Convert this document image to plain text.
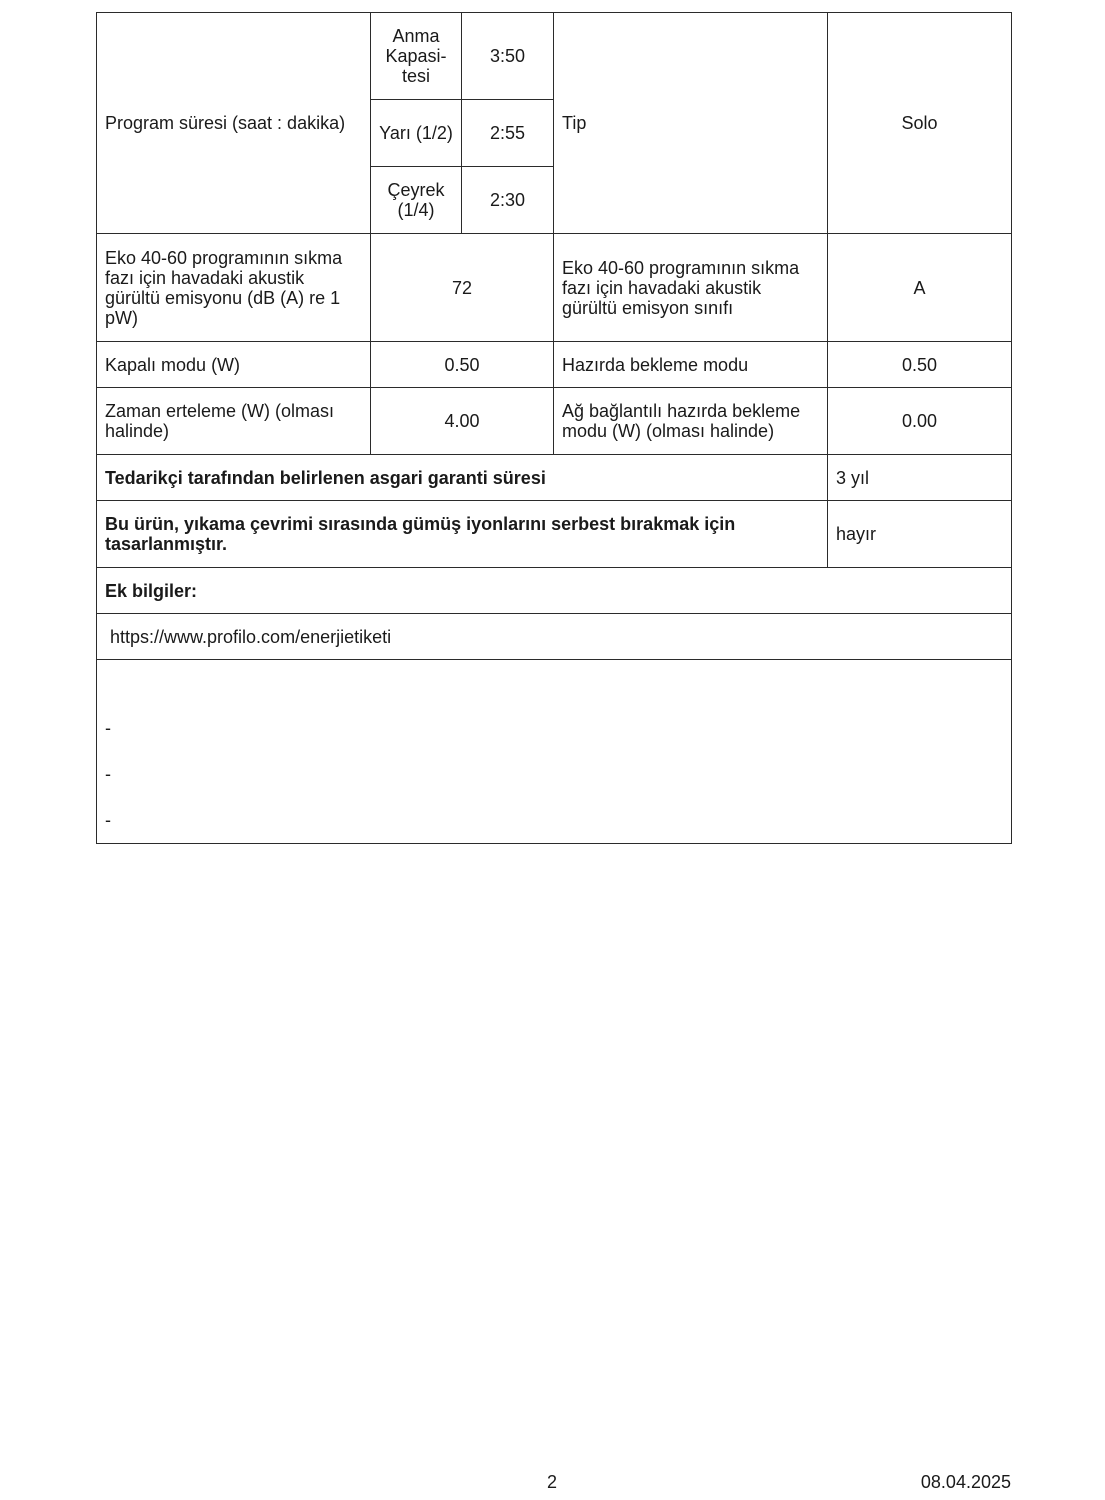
Program süresi (saat : dakika)	Anma Kapasi-tesi	3:50	Tip	Solo
	Yarı (1/2)	2:55		
	Çeyrek (1/4)	2:30		
Eko 40-60 programının sıkma fazı için havadaki akustik gürültü emisyonu (dB (A) re 1 pW)	72		Eko 40-60 programının sıkma fazı için havadaki akustik gürültü emisyon sınıfı	A
Kapalı modu (W)	0.50		Hazırda bekleme modu	0.50
Zaman erteleme (W) (olması halinde)	4.00		Ağ bağlantılı hazırda bekleme modu (W) (olması halinde)	0.00
Tedarikçi tarafından belirlenen asgari garanti süresi				3 yıl
Bu ürün, yıkama çevrimi sırasında gümüş iyonlarını serbest bırakmak için tasarlanmıştır.				hayır
Ek bilgiler:				
https://www.profilo.com/enerjietiketi				

-
-
-				
2	08.04.2025
